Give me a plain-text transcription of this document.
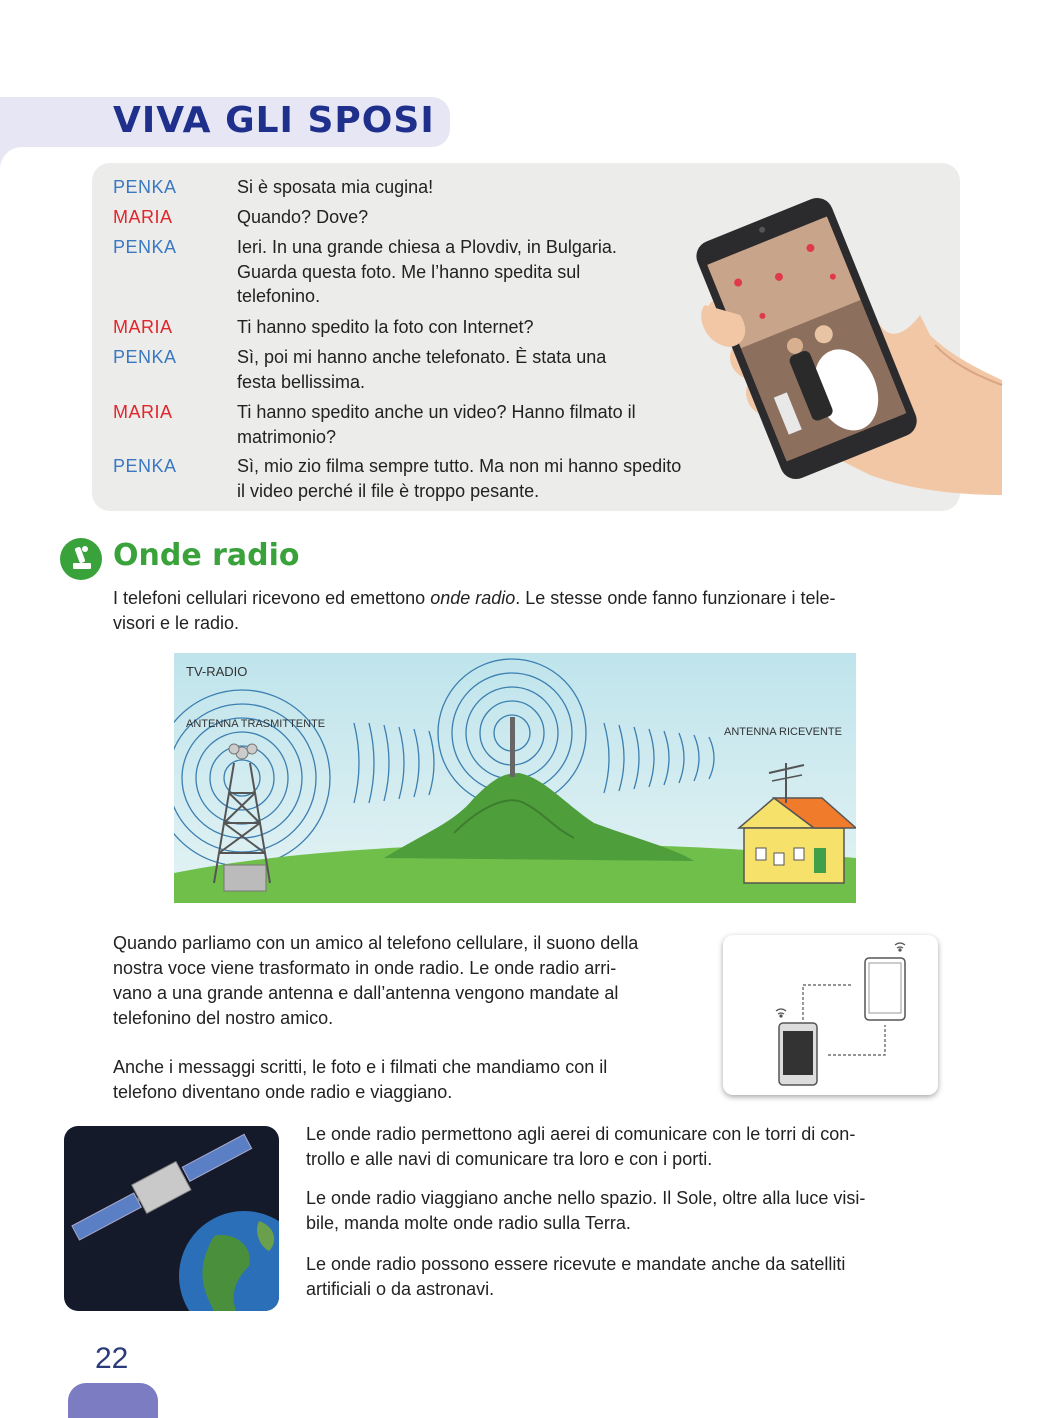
VIVA GLI SPOSI
PENKA	Si è sposata mia cugina!
MARIA	Quando? Dove?
PENKA	Ieri. In una grande chiesa a Plovdiv, in Bulgaria.
Guarda questa foto. Me l’hanno spedita sul
telefonino.
MARIA	Ti hanno spedito la foto con Internet?
PENKA	Sì, poi mi hanno anche telefonato. È stata una
festa bellissima.
MARIA	Ti hanno spedito anche un video? Hanno filmato il
matrimonio?
PENKA	Sì, mio zio filma sempre tutto. Ma non mi hanno spedito
il video perché il file è troppo pesante.
Onde radio
I telefoni cellulari ricevono ed emettono onde radio. Le stesse onde fanno funzionare i tele-
visori e le radio.
TV-RADIO
ANTENNA TRASMITTENTE
ANTENNA RICEVENTE
Quando parliamo con un amico al telefono cellulare, il suono della
nostra voce viene trasformato in onde radio. Le onde radio arri-
vano a una grande antenna e dall’antenna vengono mandate al
telefonino del nostro amico.
Anche i messaggi scritti, le foto e i filmati che mandiamo con il
telefono diventano onde radio e viaggiano.
Le onde radio permettono agli aerei di comunicare con le torri di con-
trollo e alle navi di comunicare tra loro e con i porti.
Le onde radio viaggiano anche nello spazio. Il Sole, oltre alla luce visi-
bile, manda molte onde radio sulla Terra.
Le onde radio possono essere ricevute e mandate anche da satelliti
artificiali o da astronavi.
22
